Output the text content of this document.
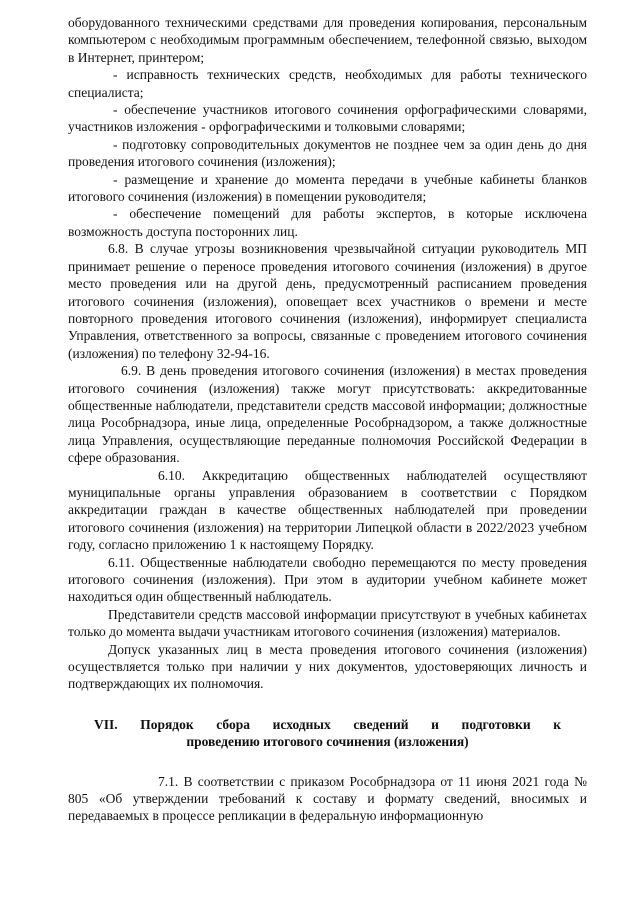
оборудованного техническими средствами для проведения копирования, персональным компьютером с необходимым программным обеспечением, телефонной связью, выходом в Интернет, принтером;

- исправность технических средств, необходимых для работы технического специалиста;

- обеспечение участников итогового сочинения орфографическими словарями, участников изложения - орфографическими и толковыми словарями;

- подготовку сопроводительных документов не позднее чем за один день до дня проведения итогового сочинения (изложения);

- размещение и хранение до момента передачи в учебные кабинеты бланков итогового сочинения (изложения) в помещении руководителя;

- обеспечение помещений для работы экспертов, в которые исключена возможность доступа посторонних лиц.

6.8. В случае угрозы возникновения чрезвычайной ситуации руководитель МП принимает решение о переносе проведения итогового сочинения (изложения) в другое место проведения или на другой день, предусмотренный расписанием проведения итогового сочинения (изложения), оповещает всех участников о времени и месте повторного проведения итогового сочинения (изложения), информирует специалиста Управления, ответственного за вопросы, связанные с проведением итогового сочинения (изложения) по телефону 32-94-16.

6.9. В день проведения итогового сочинения (изложения) в местах проведения итогового сочинения (изложения) также могут присутствовать: аккредитованные общественные наблюдатели, представители средств массовой информации; должностные лица Рособрнадзора, иные лица, определенные Рособрнадзором, а также должностные лица Управления, осуществляющие переданные полномочия Российской Федерации в сфере образования.

6.10. Аккредитацию общественных наблюдателей осуществляют муниципальные органы управления образованием в соответствии с Порядком аккредитации граждан в качестве общественных наблюдателей при проведении итогового сочинения (изложения) на территории Липецкой области в 2022/2023 учебном году, согласно приложению 1 к настоящему Порядку.

6.11. Общественные наблюдатели свободно перемещаются по месту проведения итогового сочинения (изложения). При этом в аудитории учебном кабинете может находиться один общественный наблюдатель.

Представители средств массовой информации присутствуют в учебных кабинетах только до момента выдачи участникам итогового сочинения (изложения) материалов.

Допуск указанных лиц в места проведения итогового сочинения (изложения) осуществляется только при наличии у них документов, удостоверяющих личность и подтверждающих их полномочия.

VII. Порядок сбора исходных сведений и подготовки к
проведению итогового сочинения (изложения)

7.1. В соответствии с приказом Рособрнадзора от 11 июня 2021 года № 805 «Об утверждении требований к составу и формату сведений, вносимых и передаваемых в процессе репликации в федеральную информационную
